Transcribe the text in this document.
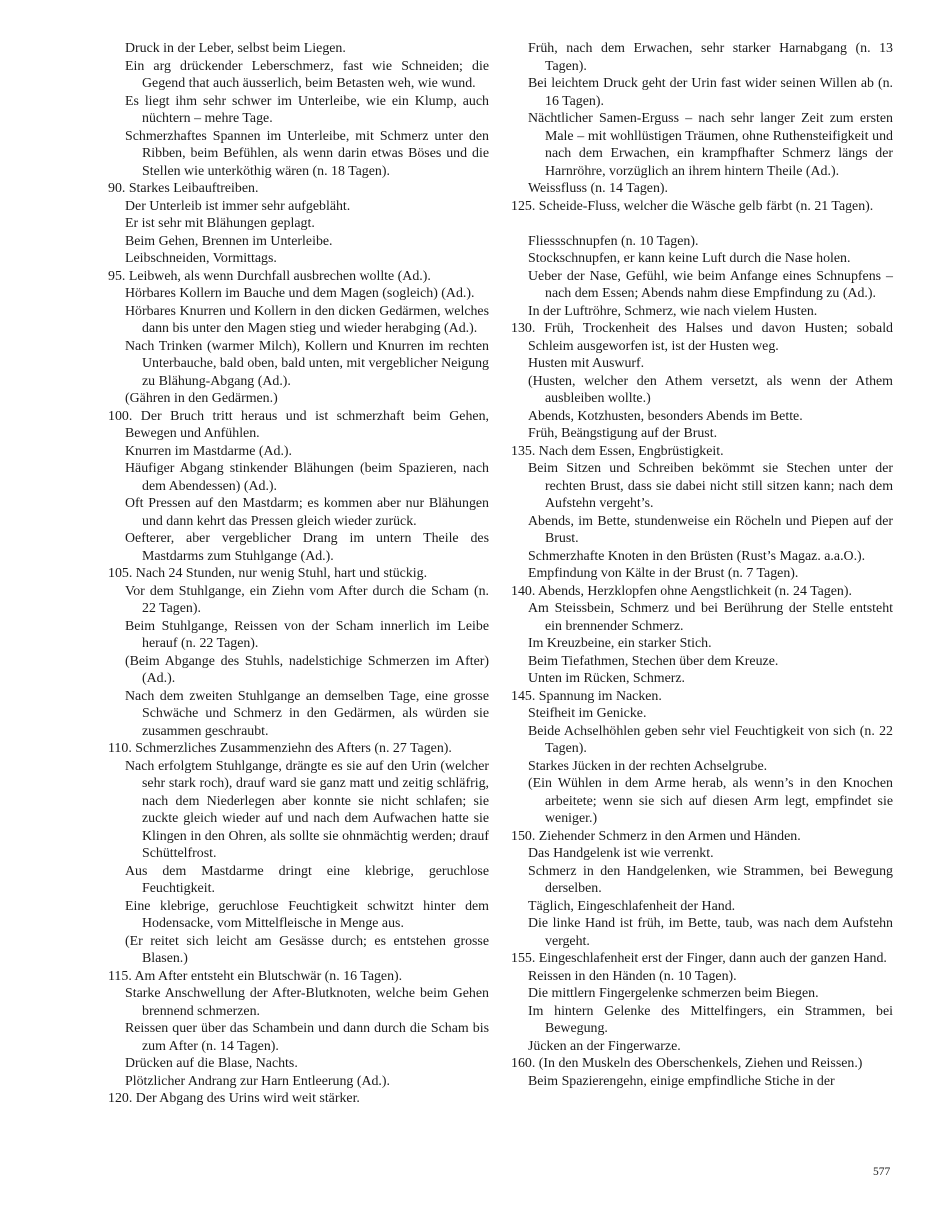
Druck in der Leber, selbst beim Liegen.
Ein arg drückender Leberschmerz, fast wie Schneiden; die Gegend that auch äusserlich, beim Betasten weh, wie wund.
Es liegt ihm sehr schwer im Unterleibe, wie ein Klump, auch nüchtern – mehre Tage.
Schmerzhaftes Spannen im Unterleibe, mit Schmerz unter den Ribben, beim Befühlen, als wenn darin etwas Böses und die Stellen wie unterköthig wären (n. 18 Tagen).
90. Starkes Leibauftreiben.
Der Unterleib ist immer sehr aufgebläht.
Er ist sehr mit Blähungen geplagt.
Beim Gehen, Brennen im Unterleibe.
Leibschneiden, Vormittags.
95. Leibweh, als wenn Durchfall ausbrechen wollte (Ad.).
Hörbares Kollern im Bauche und dem Magen (sogleich) (Ad.).
Hörbares Knurren und Kollern in den dicken Gedärmen, welches dann bis unter den Magen stieg und wieder herabging (Ad.).
Nach Trinken (warmer Milch), Kollern und Knurren im rechten Unterbauche, bald oben, bald unten, mit vergeblicher Neigung zu Blähung-Abgang (Ad.).
(Gähren in den Gedärmen.)
100. Der Bruch tritt heraus und ist schmerzhaft beim Gehen, Bewegen und Anfühlen.
Knurren im Mastdarme (Ad.).
Häufiger Abgang stinkender Blähungen (beim Spazieren, nach dem Abendessen) (Ad.).
Oft Pressen auf den Mastdarm; es kommen aber nur Blähungen und dann kehrt das Pressen gleich wieder zurück.
Oefterer, aber vergeblicher Drang im untern Theile des Mastdarms zum Stuhlgange (Ad.).
105. Nach 24 Stunden, nur wenig Stuhl, hart und stückig.
Vor dem Stuhlgange, ein Ziehn vom After durch die Scham (n. 22 Tagen).
Beim Stuhlgange, Reissen von der Scham innerlich im Leibe herauf (n. 22 Tagen).
(Beim Abgange des Stuhls, nadelstichige Schmerzen im After) (Ad.).
Nach dem zweiten Stuhlgange an demselben Tage, eine grosse Schwäche und Schmerz in den Gedärmen, als würden sie zusammen geschraubt.
110. Schmerzliches Zusammenziehn des Afters (n. 27 Tagen).
Nach erfolgtem Stuhlgange, drängte es sie auf den Urin (welcher sehr stark roch), drauf ward sie ganz matt und zeitig schläfrig, nach dem Niederlegen aber konnte sie nicht schlafen; sie zuckte gleich wieder auf und nach dem Aufwachen hatte sie Klingen in den Ohren, als sollte sie ohnmächtig werden; drauf Schüttelfrost.
Aus dem Mastdarme dringt eine klebrige, geruchlose Feuchtigkeit.
Eine klebrige, geruchlose Feuchtigkeit schwitzt hinter dem Hodensacke, vom Mittelfleische in Menge aus.
(Er reitet sich leicht am Gesässe durch; es entstehen grosse Blasen.)
115. Am After entsteht ein Blutschwär (n. 16 Tagen).
Starke Anschwellung der After-Blutknoten, welche beim Gehen brennend schmerzen.
Reissen quer über das Schambein und dann durch die Scham bis zum After (n. 14 Tagen).
Drücken auf die Blase, Nachts.
Plötzlicher Andrang zur Harn Entleerung (Ad.).
120. Der Abgang des Urins wird weit stärker.
Früh, nach dem Erwachen, sehr starker Harnabgang (n. 13 Tagen).
Bei leichtem Druck geht der Urin fast wider seinen Willen ab (n. 16 Tagen).
Nächtlicher Samen-Erguss – nach sehr langer Zeit zum ersten Male – mit wohllüstigen Träumen, ohne Ruthensteifigkeit und nach dem Erwachen, ein krampfhafter Schmerz längs der Harnröhre, vorzüglich an ihrem hintern Theile (Ad.).
Weissfluss (n. 14 Tagen).
125. Scheide-Fluss, welcher die Wäsche gelb färbt (n. 21 Tagen).
Fliessschnupfen (n. 10 Tagen).
Stockschnupfen, er kann keine Luft durch die Nase holen.
Ueber der Nase, Gefühl, wie beim Anfange eines Schnupfens – nach dem Essen; Abends nahm diese Empfindung zu (Ad.).
In der Luftröhre, Schmerz, wie nach vielem Husten.
130. Früh, Trockenheit des Halses und davon Husten; sobald Schleim ausgeworfen ist, ist der Husten weg.
Husten mit Auswurf.
(Husten, welcher den Athem versetzt, als wenn der Athem ausbleiben wollte.)
Abends, Kotzhusten, besonders Abends im Bette.
Früh, Beängstigung auf der Brust.
135. Nach dem Essen, Engbrüstigkeit.
Beim Sitzen und Schreiben bekömmt sie Stechen unter der rechten Brust, dass sie dabei nicht still sitzen kann; nach dem Aufstehn vergeht’s.
Abends, im Bette, stundenweise ein Röcheln und Piepen auf der Brust.
Schmerzhafte Knoten in den Brüsten (Rust’s Magaz. a.a.O.).
Empfindung von Kälte in der Brust (n. 7 Tagen).
140. Abends, Herzklopfen ohne Aengstlichkeit (n. 24 Tagen).
Am Steissbein, Schmerz und bei Berührung der Stelle entsteht ein brennender Schmerz.
Im Kreuzbeine, ein starker Stich.
Beim Tiefathmen, Stechen über dem Kreuze.
Unten im Rücken, Schmerz.
145. Spannung im Nacken.
Steifheit im Genicke.
Beide Achselhöhlen geben sehr viel Feuchtigkeit von sich (n. 22 Tagen).
Starkes Jücken in der rechten Achselgrube.
(Ein Wühlen in dem Arme herab, als wenn’s in den Knochen arbeitete; wenn sie sich auf diesen Arm legt, empfindet sie weniger.)
150. Ziehender Schmerz in den Armen und Händen.
Das Handgelenk ist wie verrenkt.
Schmerz in den Handgelenken, wie Strammen, bei Bewegung derselben.
Täglich, Eingeschlafenheit der Hand.
Die linke Hand ist früh, im Bette, taub, was nach dem Aufstehn vergeht.
155. Eingeschlafenheit erst der Finger, dann auch der ganzen Hand.
Reissen in den Händen (n. 10 Tagen).
Die mittlern Fingergelenke schmerzen beim Biegen.
Im hintern Gelenke des Mittelfingers, ein Strammen, bei Bewegung.
Jücken an der Fingerwarze.
160. (In den Muskeln des Oberschenkels, Ziehen und Reissen.)
Beim Spazierengehn, einige empfindliche Stiche in der
577
